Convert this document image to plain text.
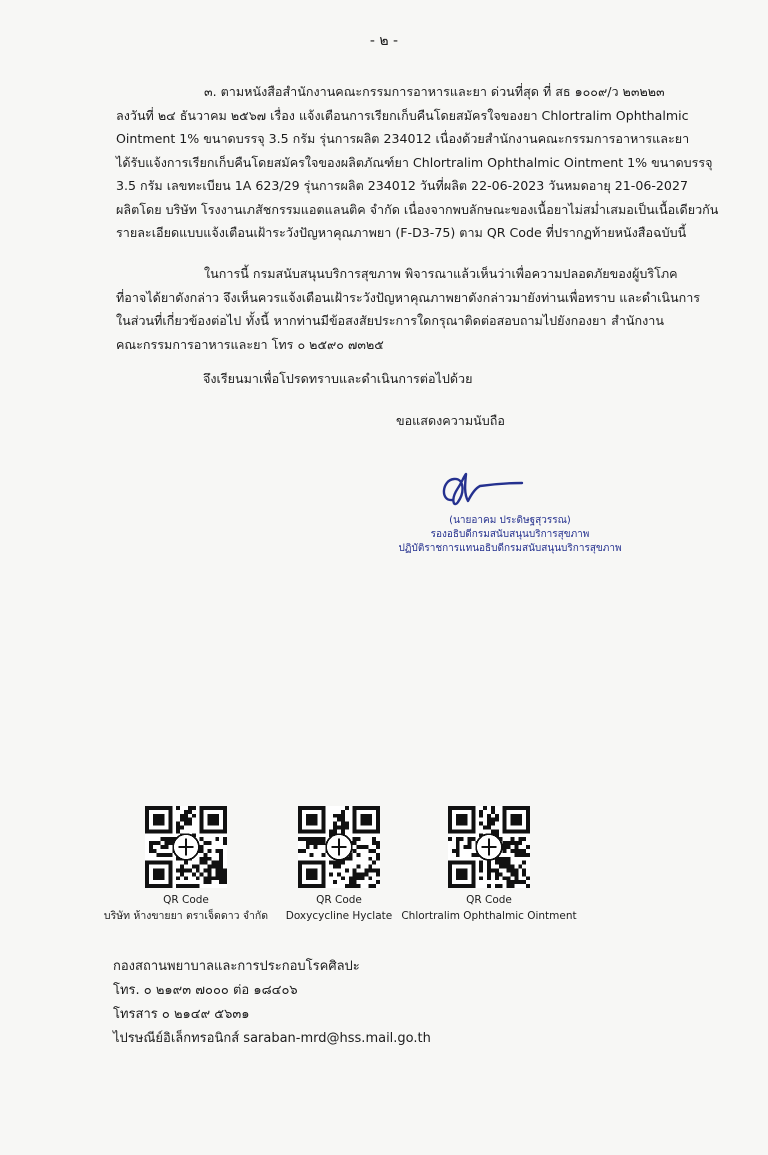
- ๒ -

๓. ตามหนังสือสำนักงานคณะกรรมการอาหารและยา ด่วนที่สุด ที่ สธ ๑๐๐๙/ว ๒๓๒๒๓
ลงวันที่ ๒๔ ธันวาคม ๒๕๖๗ เรื่อง แจ้งเตือนการเรียกเก็บคืนโดยสมัครใจของยา Chlortralim Ophthalmic
Ointment 1% ขนาดบรรจุ 3.5 กรัม รุ่นการผลิต 234012 เนื่องด้วยสำนักงานคณะกรรมการอาหารและยา
ได้รับแจ้งการเรียกเก็บคืนโดยสมัครใจของผลิตภัณฑ์ยา Chlortralim Ophthalmic Ointment 1% ขนาดบรรจุ
3.5 กรัม เลขทะเบียน 1A 623/29 รุ่นการผลิต 234012 วันที่ผลิต 22-06-2023 วันหมดอายุ 21-06-2027
ผลิตโดย บริษัท โรงงานเภสัชกรรมแอตแลนติค จำกัด เนื่องจากพบลักษณะของเนื้อยาไม่สม่ำเสมอเป็นเนื้อเดียวกัน
รายละเอียดแบบแจ้งเตือนเฝ้าระวังปัญหาคุณภาพยา (F-D3-75) ตาม QR Code ที่ปรากฏท้ายหนังสือฉบับนี้

ในการนี้ กรมสนับสนุนบริการสุขภาพ พิจารณาแล้วเห็นว่าเพื่อความปลอดภัยของผู้บริโภค
ที่อาจได้ยาดังกล่าว จึงเห็นควรแจ้งเตือนเฝ้าระวังปัญหาคุณภาพยาดังกล่าวมายังท่านเพื่อทราบ และดำเนินการ
ในส่วนที่เกี่ยวข้องต่อไป ทั้งนี้ หากท่านมีข้อสงสัยประการใดกรุณาติดต่อสอบถามไปยังกองยา สำนักงาน
คณะกรรมการอาหารและยา โทร ๐ ๒๕๙๐ ๗๓๒๕

จึงเรียนมาเพื่อโปรดทราบและดำเนินการต่อไปด้วย
ขอแสดงความนับถือ
(นายอาคม ประดิษฐสุวรรณ)
รองอธิบดีกรมสนับสนุนบริการสุขภาพ
ปฏิบัติราชการแทนอธิบดีกรมสนับสนุนบริการสุขภาพ
QR Code
บริษัท ห้างขายยา ตราเจ็ดดาว จำกัด
QR Code
Doxycycline Hyclate
QR Code
Chlortralim Ophthalmic Ointment
กองสถานพยาบาลและการประกอบโรคศิลปะ
โทร. ๐ ๒๑๙๓ ๗๐๐๐ ต่อ ๑๘๔๐๖
โทรสาร ๐ ๒๑๔๙ ๕๖๓๑
ไปรษณีย์อิเล็กทรอนิกส์ saraban-mrd@hss.mail.go.th
